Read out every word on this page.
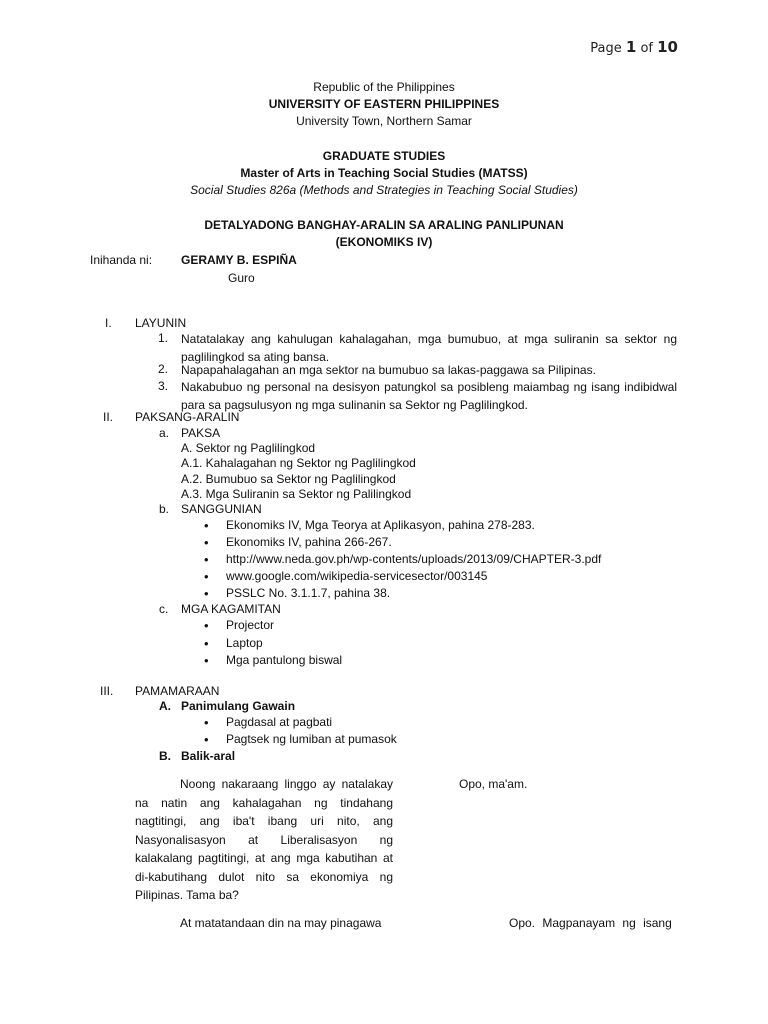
Page 1 of 10
Republic of the Philippines
UNIVERSITY OF EASTERN PHILIPPINES
University Town, Northern Samar
GRADUATE STUDIES
Master of Arts in Teaching Social Studies (MATSS)
Social Studies 826a (Methods and Strategies in Teaching Social Studies)
DETALYADONG BANGHAY-ARALIN SA ARALING PANLIPUNAN
(EKONOMIKS IV)
Inihanda ni: GERAMY B. ESPIÑA
Guro
I. LAYUNIN
1. Natatalakay ang kahulugan kahalagahan, mga bumubuo, at mga suliranin sa sektor ng paglilingkod sa ating bansa.
2. Napapahalagahan an mga sektor na bumubuo sa lakas-paggawa sa Pilipinas.
3. Nakabubuo ng personal na desisyon patungkol sa posibleng maiambag ng isang indibidwal para sa pagsulusyon ng mga sulinanin sa Sektor ng Paglilingkod.
II. PAKSANG-ARALIN
a. PAKSA
A. Sektor ng Paglilingkod
A.1. Kahalagahan ng Sektor ng Paglilingkod
A.2. Bumubuo sa Sektor ng Paglilingkod
A.3. Mga Suliranin sa Sektor ng Palilingkod
b. SANGGUNIAN
• Ekonomiks IV, Mga Teorya at Aplikasyon, pahina 278-283.
• Ekonomiks IV, pahina 266-267.
• http://www.neda.gov.ph/wp-contents/uploads/2013/09/CHAPTER-3.pdf
• www.google.com/wikipedia-servicesector/003145
• PSSLC No. 3.1.1.7, pahina 38.
c. MGA KAGAMITAN
• Projector
• Laptop
• Mga pantulong biswal
III. PAMAMARAAN
A. Panimulang Gawain
• Pagdasal at pagbati
• Pagtsek ng lumiban at pumasok
B. Balik-aral
Noong nakaraang linggo ay natalakay na natin ang kahalagahan ng tindahang nagtitingi, ang iba't ibang uri nito, ang Nasyonalisasyon at Liberalisasyon ng kalakalang pagtitingi, at ang mga kabutihan at di-kabutihang dulot nito sa ekonomiya ng Pilipinas. Tama ba?
Opo, ma'am.
At matatandaan din na may pinagawa	Opo. Magpanayam ng isang
